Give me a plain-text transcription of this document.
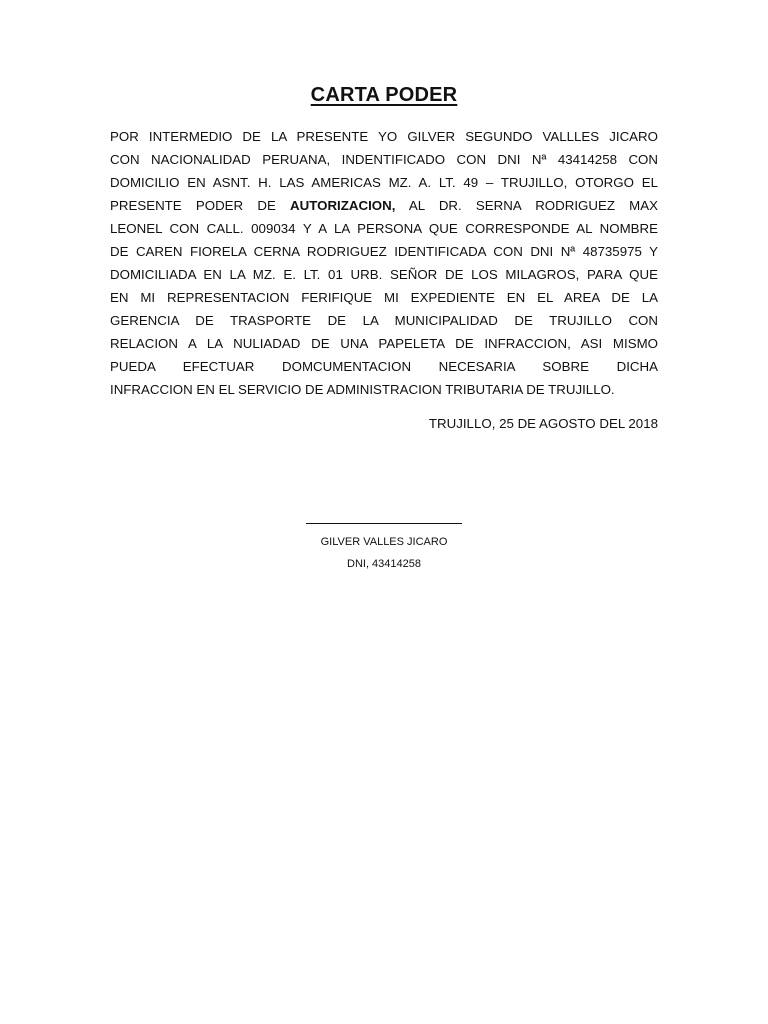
CARTA PODER
POR INTERMEDIO DE LA PRESENTE YO GILVER SEGUNDO VALLLES JICARO
CON NACIONALIDAD PERUANA, INDENTIFICADO CON DNI Nª 43414258 CON
DOMICILIO EN ASNT. H. LAS AMERICAS MZ. A. LT. 49 – TRUJILLO, OTORGO EL
PRESENTE PODER DE AUTORIZACION, AL DR. SERNA RODRIGUEZ MAX
LEONEL CON CALL. 009034 Y A LA PERSONA QUE CORRESPONDE AL NOMBRE
DE CAREN FIORELA CERNA RODRIGUEZ IDENTIFICADA CON DNI Nª 48735975 Y
DOMICILIADA EN LA MZ. E. LT. 01 URB. SEÑOR DE LOS MILAGROS, PARA QUE
EN MI REPRESENTACION FERIFIQUE MI EXPEDIENTE EN EL AREA DE LA
GERENCIA DE TRASPORTE DE LA MUNICIPALIDAD DE TRUJILLO CON
RELACION A LA NULIADAD DE UNA PAPELETA DE INFRACCION, ASI MISMO
PUEDA EFECTUAR DOMCUMENTACION NECESARIA SOBRE DICHA
INFRACCION EN EL SERVICIO DE ADMINISTRACION TRIBUTARIA DE TRUJILLO.
TRUJILLO, 25 DE AGOSTO DEL 2018
GILVER VALLES JICARO
DNI, 43414258
